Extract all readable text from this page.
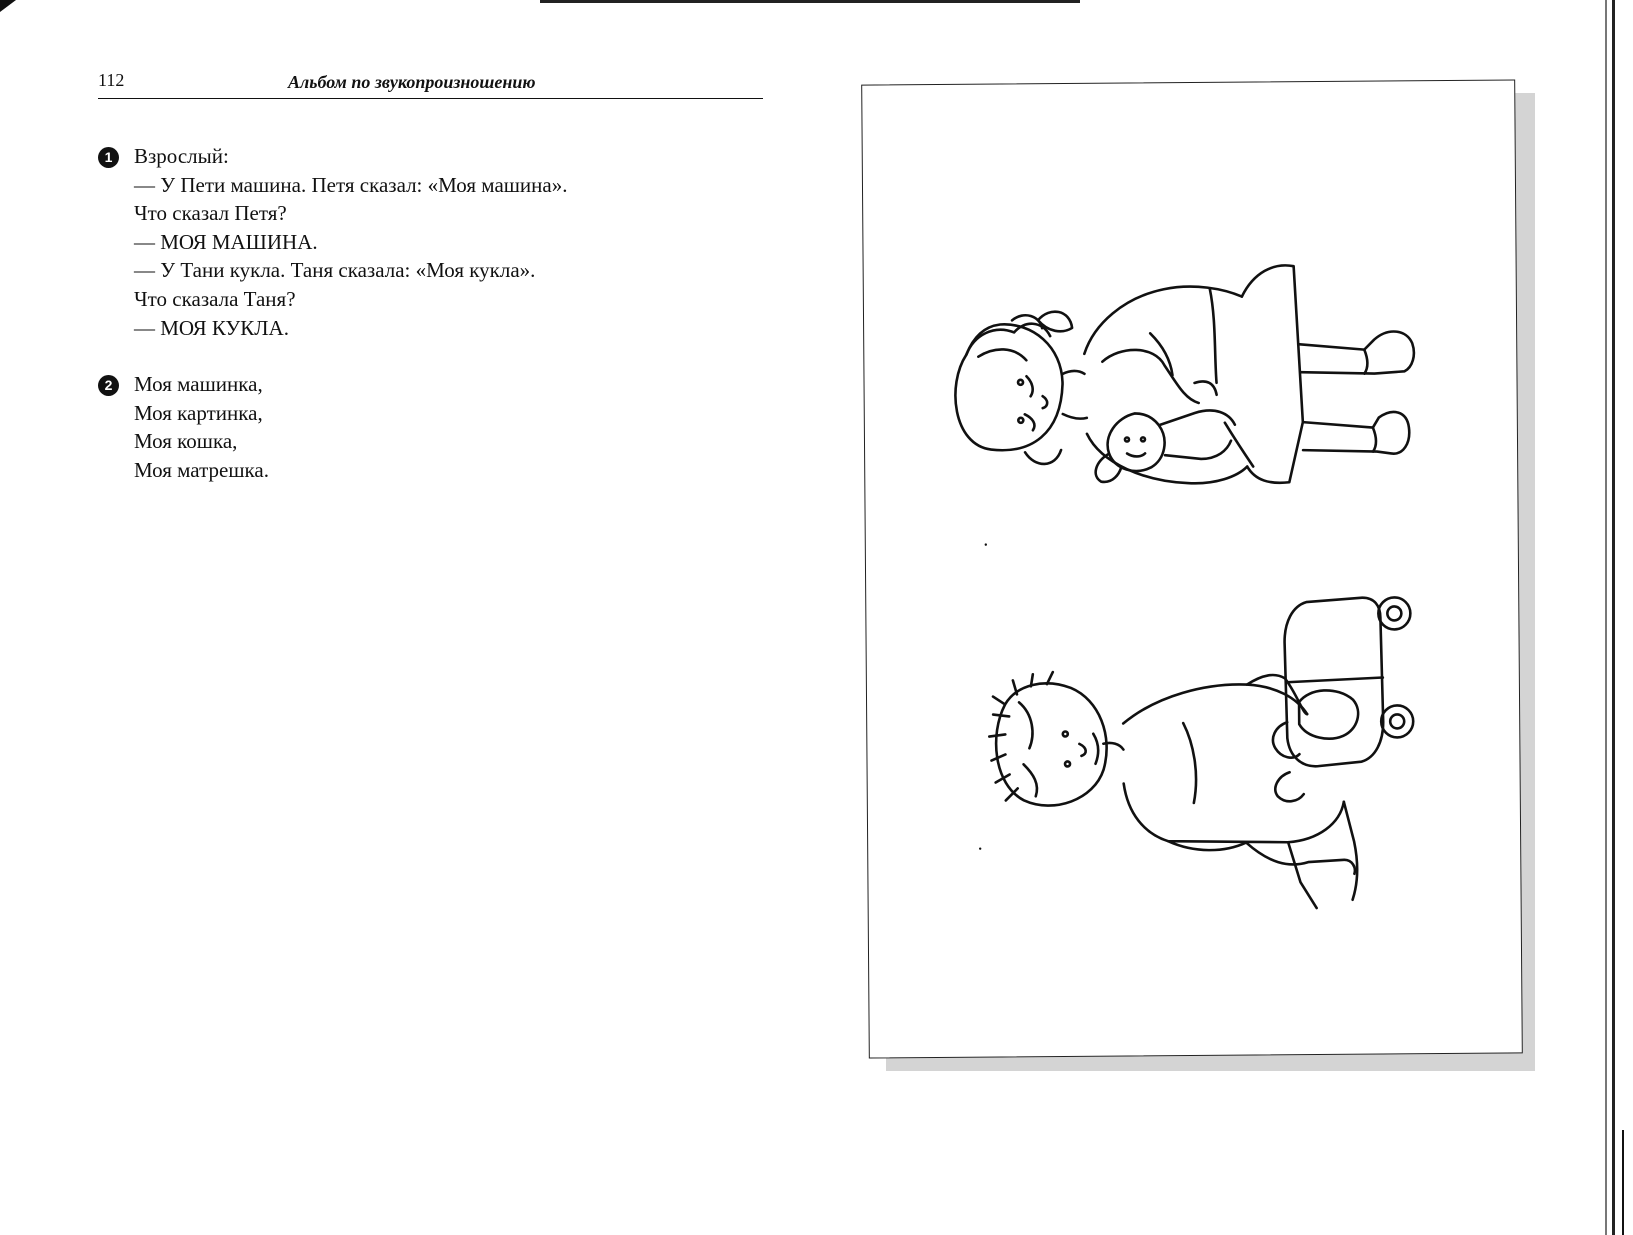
112	Альбом по звукопроизношению
1	Взрослый:
— У Пети машина. Петя сказал: «Моя машина».
Что сказал Петя?
— МОЯ МАШИНА.
— У Тани кукла. Таня сказала: «Моя кукла».
Что сказала Таня?
— МОЯ КУКЛА.
2	Моя машинка,
Моя картинка,
Моя кошка,
Моя матрешка.
